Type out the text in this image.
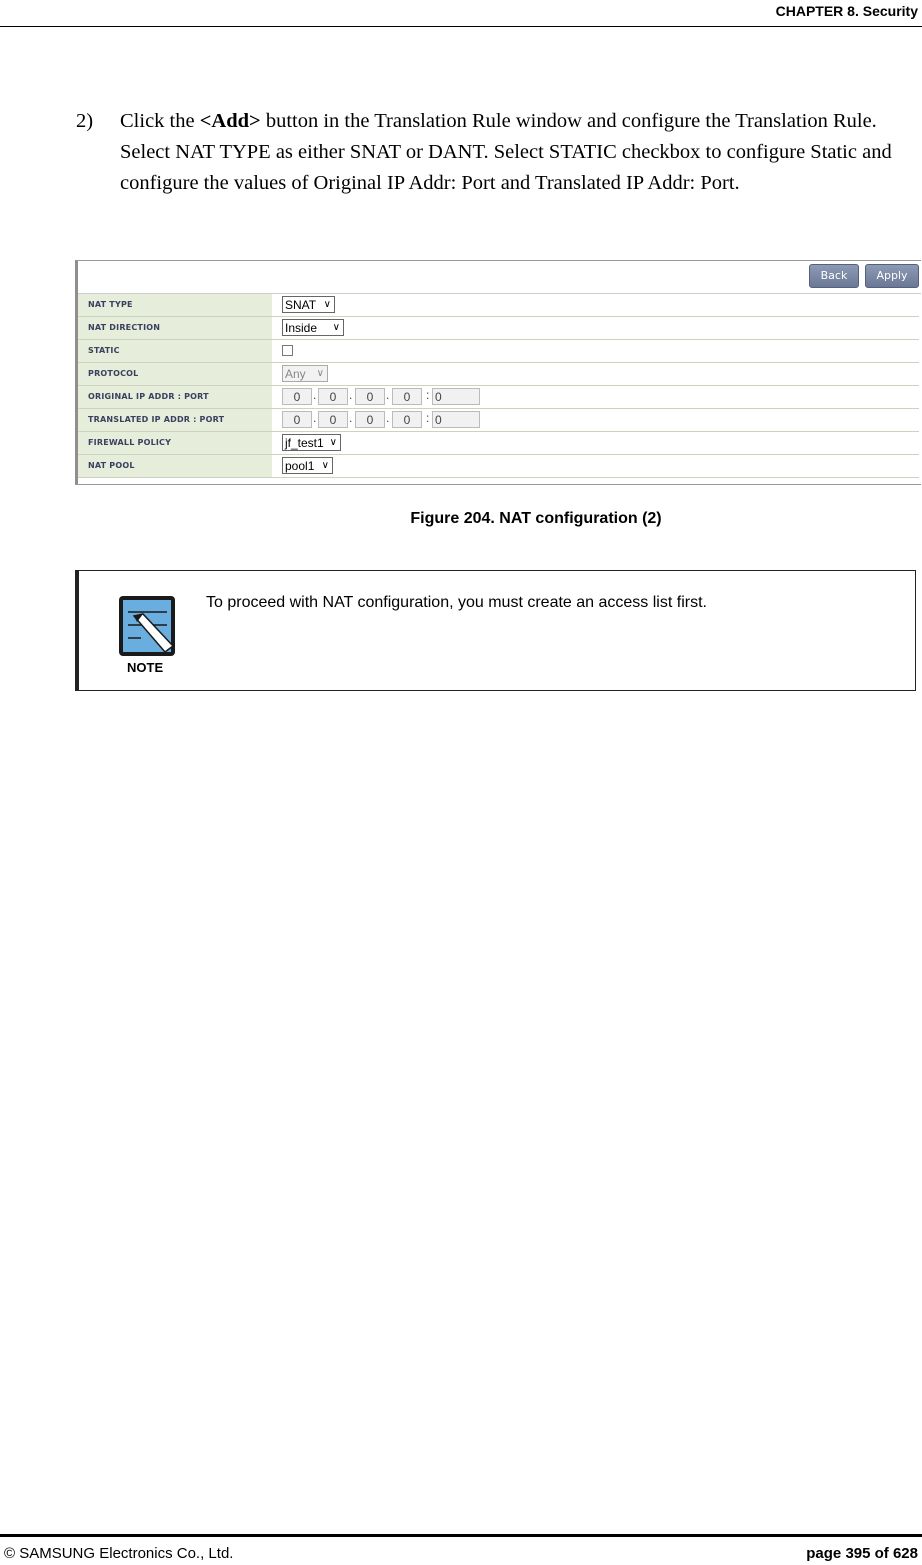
CHAPTER 8. Security
2) Click the <Add> button in the Translation Rule window and configure the Translation Rule. Select NAT TYPE as either SNAT or DANT. Select STATIC checkbox to configure Static and configure the values of Original IP Addr: Port and Translated IP Addr: Port.
Back	Apply
NAT TYPE	SNAT ∨
NAT DIRECTION	Inside ∨
STATIC
PROTOCOL	Any ∨
ORIGINAL IP ADDR : PORT	0	.	0	.	0	.	0	: 0
TRANSLATED IP ADDR : PORT	0	.	0	.	0	.	0	: 0
FIREWALL POLICY	jf_test1 ∨
NAT POOL	pool1 ∨
Figure 204. NAT configuration (2)
NOTE
To proceed with NAT configuration, you must create an access list first.
© SAMSUNG Electronics Co., Ltd.	page 395 of 628
